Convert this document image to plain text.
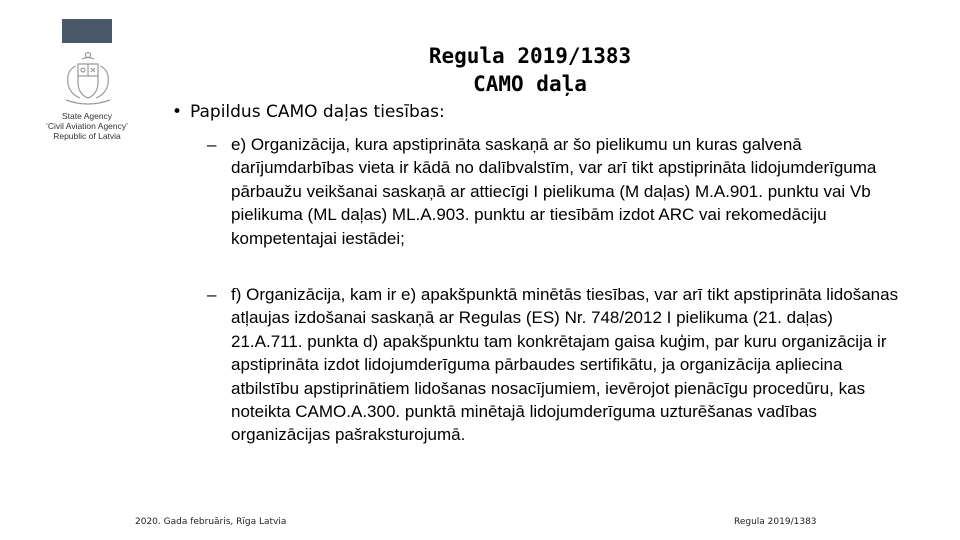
State Agency
‘Civil Aviation Agency’
Republic of Latvia
Regula 2019/1383
CAMO daļa
• Papildus CAMO daļas tiesības:
– e) Organizācija, kura apstiprināta saskaņā ar šo pielikumu un kuras galvenā darījumdarbības vieta ir kādā no dalībvalstīm, var arī tikt apstiprināta lidojumderīguma pārbaužu veikšanai saskaņā ar attiecīgi I pielikuma (M daļas) M.A.901. punktu vai Vb pielikuma (ML daļas) ML.A.903. punktu ar tiesībām izdot ARC vai rekomedāciju kompetentajai iestādei;
– f) Organizācija, kam ir e) apakšpunktā minētās tiesības, var arī tikt apstiprināta lidošanas atļaujas izdošanai saskaņā ar Regulas (ES) Nr. 748/2012 I pielikuma (21. daļas) 21.A.711. punkta d) apakšpunktu tam konkrētajam gaisa kuģim, par kuru organizācija ir apstiprināta izdot lidojumderīguma pārbaudes sertifikātu, ja organizācija apliecina atbilstību apstiprinātiem lidošanas nosacījumiem, ievērojot pienācīgu procedūru, kas noteikta CAMO.A.300. punktā minētajā lidojumderīguma uzturēšanas vadības organizācijas pašraksturojumā.
2020. Gada februāris, Rīga Latvia	Regula 2019/1383
